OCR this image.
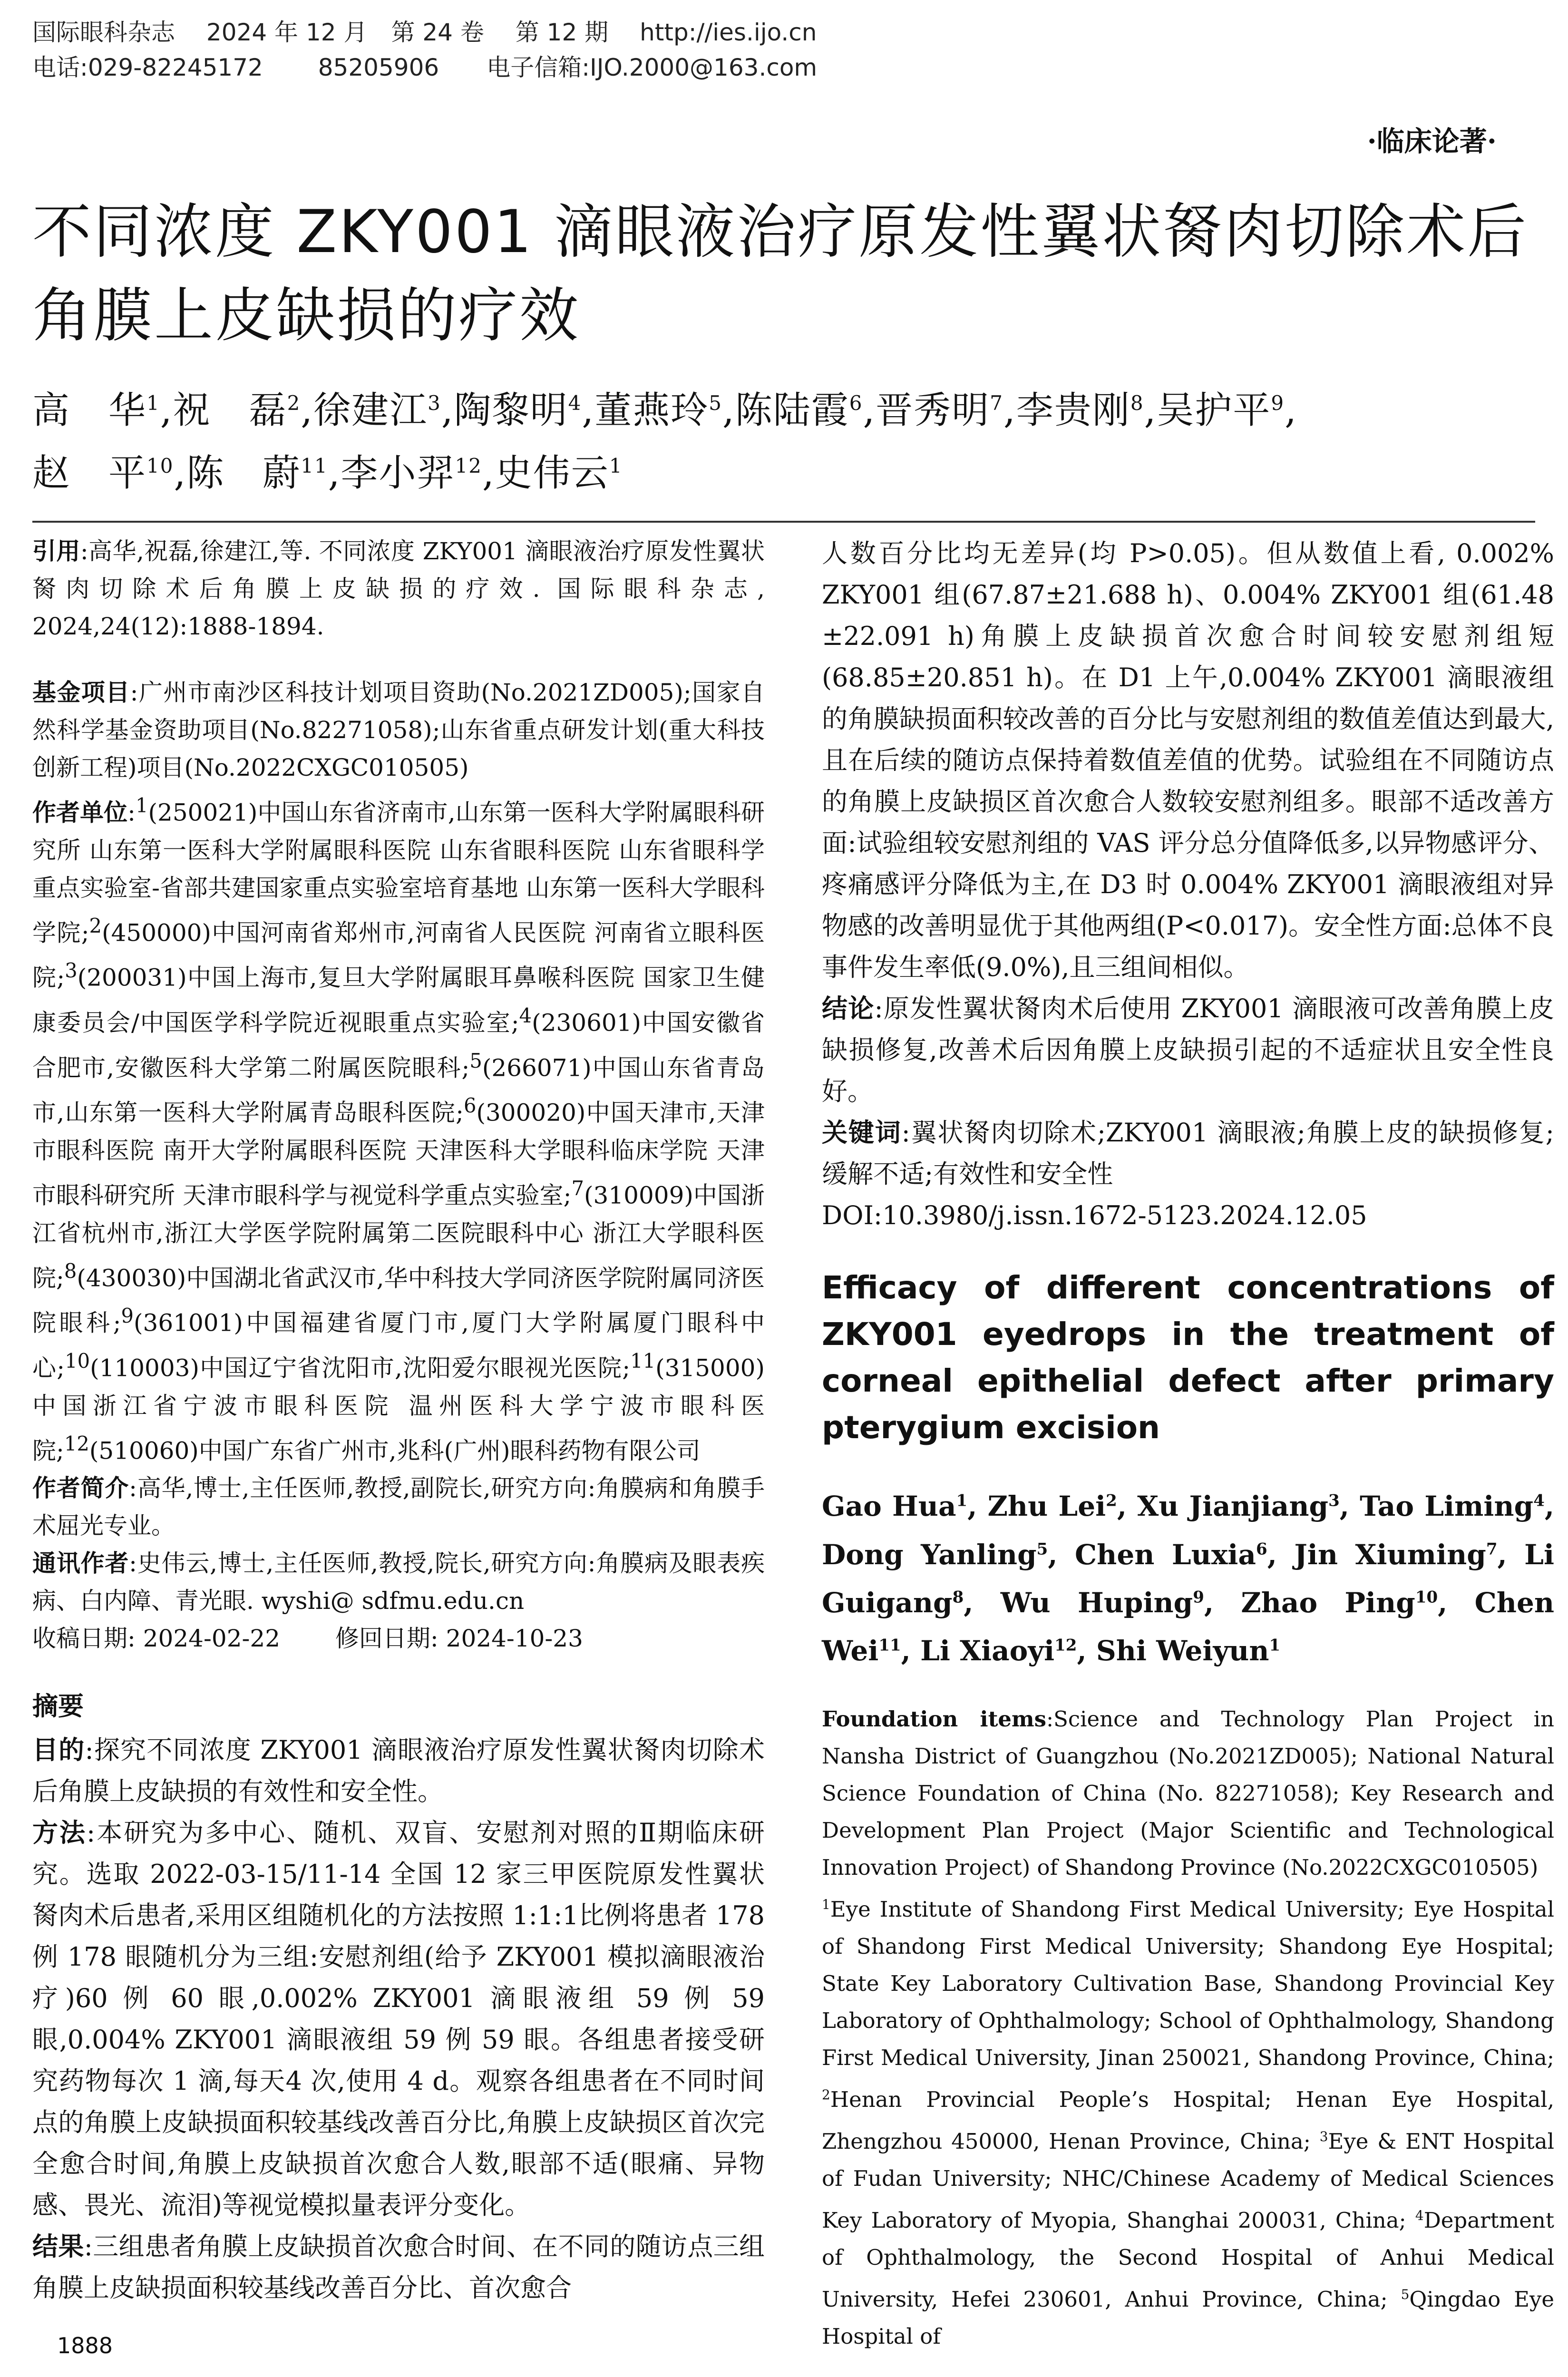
国际眼科杂志　 2024 年 12 月　第 24 卷　 第 12 期　 http://ies.ijo.cn
电话:029-82245172　　 85205906　　电子信箱:IJO.2000@163.com
·临床论著·
不同浓度 ZKY001 滴眼液治疗原发性翼状胬肉切除术后
角膜上皮缺损的疗效
高　华$^1$,祝　磊$^2$,徐建江$^3$,陶黎明$^4$,董燕玲$^5$,陈陆霞$^6$,晋秀明$^7$,李贵刚$^8$,吴护平$^9$,
赵　平$^{10}$,陈　蔚$^{11}$,李小羿$^{12}$,史伟云$^1$

引用:高华,祝磊,徐建江,等. 不同浓度 ZKY001 滴眼液治疗原发性翼状胬肉切除术后角膜上皮缺损的疗效. 国际眼科杂志, 2024,24(12):1888-1894.

基金项目:广州市南沙区科技计划项目资助(No.2021ZD005);国家自然科学基金资助项目(No.82271058);山东省重点研发计划(重大科技创新工程)项目(No.2022CXGC010505)

作者单位:$^1$(250021)中国山东省济南市,山东第一医科大学附属眼科研究所 山东第一医科大学附属眼科医院 山东省眼科医院 山东省眼科学重点实验室-省部共建国家重点实验室培育基地 山东第一医科大学眼科学院;$^2$(450000)中国河南省郑州市,河南省人民医院 河南省立眼科医院;$^3$(200031)中国上海市,复旦大学附属眼耳鼻喉科医院 国家卫生健康委员会/中国医学科学院近视眼重点实验室;$^4$(230601)中国安徽省合肥市,安徽医科大学第二附属医院眼科;$^5$(266071)中国山东省青岛市,山东第一医科大学附属青岛眼科医院;$^6$(300020)中国天津市,天津市眼科医院 南开大学附属眼科医院 天津医科大学眼科临床学院 天津市眼科研究所 天津市眼科学与视觉科学重点实验室;$^7$(310009)中国浙江省杭州市,浙江大学医学院附属第二医院眼科中心 浙江大学眼科医院;$^8$(430030)中国湖北省武汉市,华中科技大学同济医学院附属同济医院眼科;$^9$(361001)中国福建省厦门市,厦门大学附属厦门眼科中心;$^{10}$(110003)中国辽宁省沈阳市,沈阳爱尔眼视光医院;$^{11}$(315000)中国浙江省宁波市眼科医院 温州医科大学宁波市眼科医院;$^{12}$(510060)中国广东省广州市,兆科(广州)眼科药物有限公司

作者简介:高华,博士,主任医师,教授,副院长,研究方向:角膜病和角膜手术屈光专业。

通讯作者:史伟云,博士,主任医师,教授,院长,研究方向:角膜病及眼表疾病、白内障、青光眼. wyshi@ sdfmu.edu.cn

收稿日期: 2024-02-22　　 修回日期: 2024-10-23

摘要

目的:探究不同浓度 ZKY001 滴眼液治疗原发性翼状胬肉切除术后角膜上皮缺损的有效性和安全性。

方法:本研究为多中心、随机、双盲、安慰剂对照的Ⅱ期临床研究。选取 2022-03-15/11-14 全国 12 家三甲医院原发性翼状胬肉术后患者,采用区组随机化的方法按照 1:1:1比例将患者 178 例 178 眼随机分为三组:安慰剂组(给予 ZKY001 模拟滴眼液治疗)60 例 60 眼,0.002% ZKY001 滴眼液组 59 例 59 眼,0.004% ZKY001 滴眼液组 59 例 59 眼。各组患者接受研究药物每次 1 滴,每天4 次,使用 4 d。观察各组患者在不同时间点的角膜上皮缺损面积较基线改善百分比,角膜上皮缺损区首次完全愈合时间,角膜上皮缺损首次愈合人数,眼部不适(眼痛、异物感、畏光、流泪)等视觉模拟量表评分变化。

结果:三组患者角膜上皮缺损首次愈合时间、在不同的随访点三组角膜上皮缺损面积较基线改善百分比、首次愈合

人数百分比均无差异(均 P>0.05)。但从数值上看, 0.002% ZKY001 组(67.87±21.688 h)、0.004% ZKY001 组(61.48 ±22.091 h)角膜上皮缺损首次愈合时间较安慰剂组短(68.85±20.851 h)。在 D1 上午,0.004% ZKY001 滴眼液组的角膜缺损面积较改善的百分比与安慰剂组的数值差值达到最大,且在后续的随访点保持着数值差值的优势。试验组在不同随访点的角膜上皮缺损区首次愈合人数较安慰剂组多。眼部不适改善方面:试验组较安慰剂组的 VAS 评分总分值降低多,以异物感评分、疼痛感评分降低为主,在 D3 时 0.004% ZKY001 滴眼液组对异物感的改善明显优于其他两组(P<0.017)。安全性方面:总体不良事件发生率低(9.0%),且三组间相似。

结论:原发性翼状胬肉术后使用 ZKY001 滴眼液可改善角膜上皮缺损修复,改善术后因角膜上皮缺损引起的不适症状且安全性良好。

关键词:翼状胬肉切除术;ZKY001 滴眼液;角膜上皮的缺损修复;缓解不适;有效性和安全性

DOI:10.3980/j.issn.1672-5123.2024.12.05

Efficacy of different concentrations of ZKY001 eyedrops in the treatment of corneal epithelial defect after primary pterygium excision

Gao Hua$^1$, Zhu Lei$^2$, Xu Jianjiang$^3$, Tao Liming$^4$, Dong Yanling$^5$, Chen Luxia$^6$, Jin Xiuming$^7$, Li Guigang$^8$, Wu Huping$^9$, Zhao Ping$^{10}$, Chen Wei$^{11}$, Li Xiaoyi$^{12}$, Shi Weiyun$^1$

Foundation items:Science and Technology Plan Project in Nansha District of Guangzhou (No.2021ZD005); National Natural Science Foundation of China (No. 82271058); Key Research and Development Plan Project (Major Scientific and Technological Innovation Project) of Shandong Province (No.2022CXGC010505)
$^1$Eye Institute of Shandong First Medical University; Eye Hospital of Shandong First Medical University; Shandong Eye Hospital; State Key Laboratory Cultivation Base, Shandong Provincial Key Laboratory of Ophthalmology; School of Ophthalmology, Shandong First Medical University, Jinan 250021, Shandong Province, China; $^2$Henan Provincial People’s Hospital; Henan Eye Hospital, Zhengzhou 450000, Henan Province, China; $^3$Eye & ENT Hospital of Fudan University; NHC/Chinese Academy of Medical Sciences Key Laboratory of Myopia, Shanghai 200031, China; $^4$Department of Ophthalmology, the Second Hospital of Anhui Medical University, Hefei 230601, Anhui Province, China; $^5$Qingdao Eye Hospital of

1888
